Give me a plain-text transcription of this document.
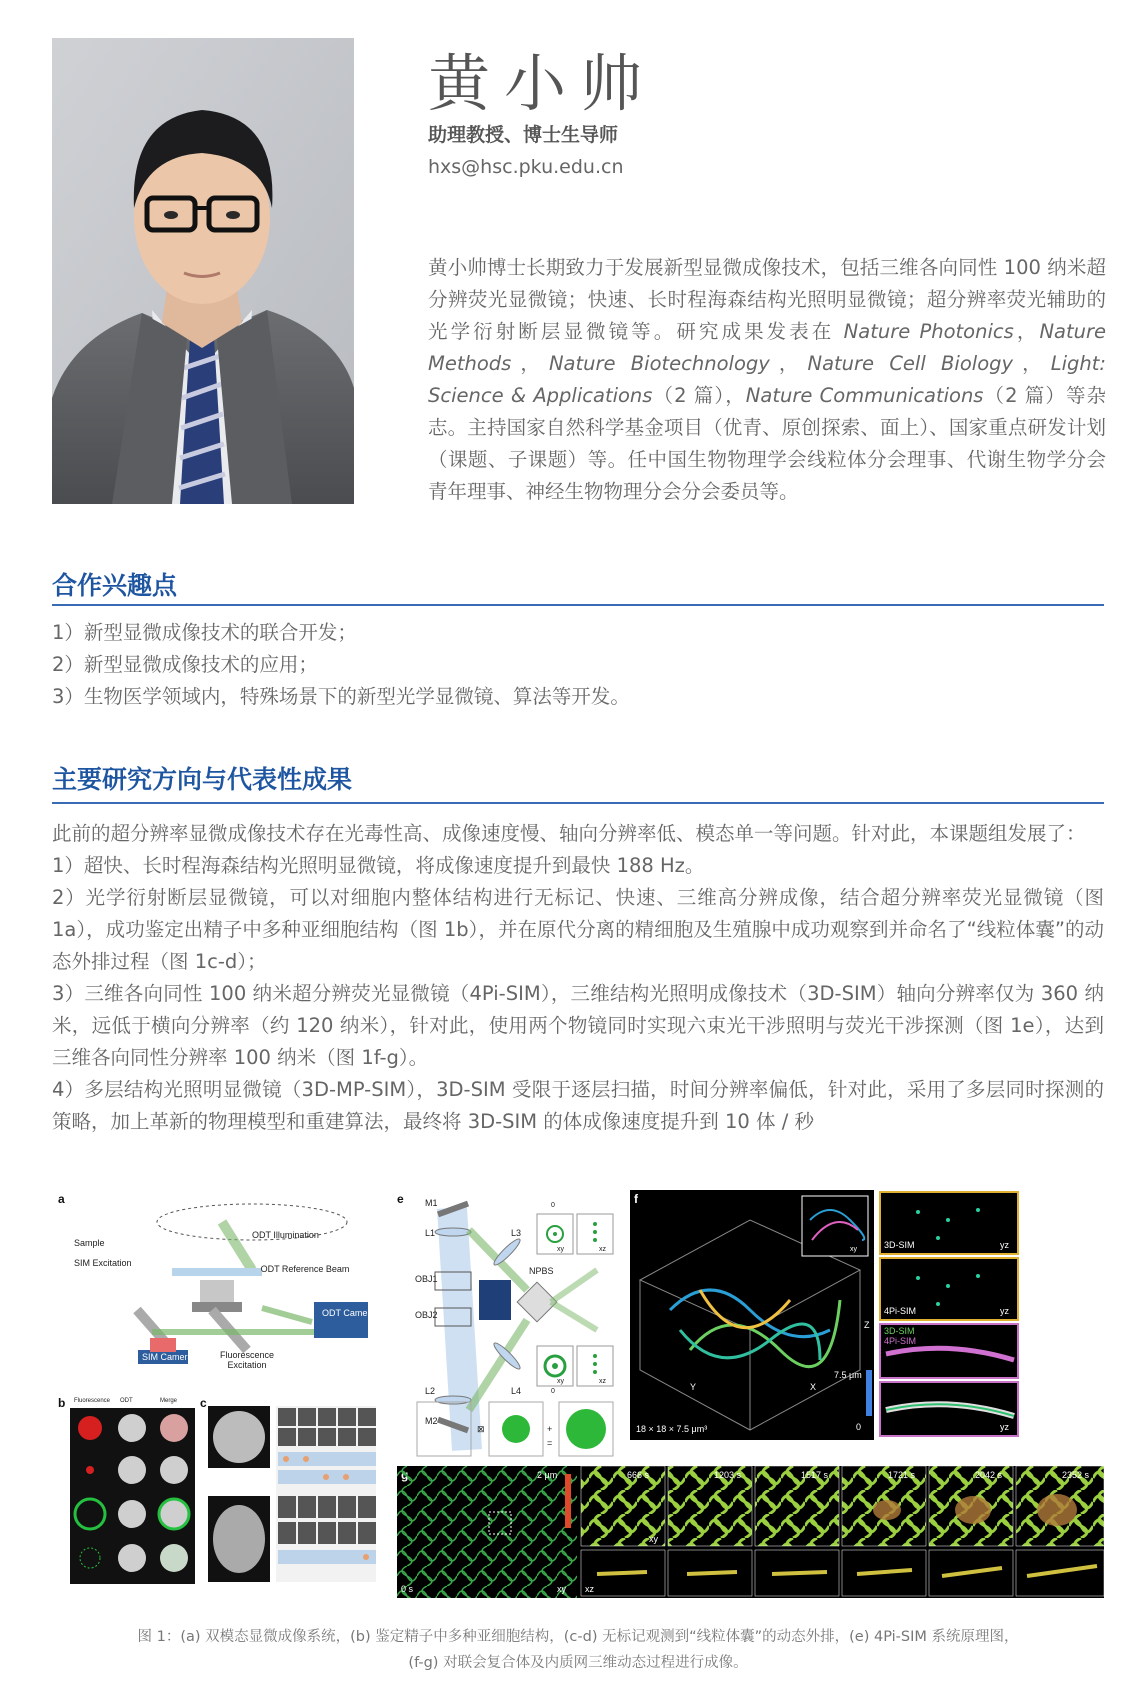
黄小帅
助理教授、博士生导师
hxs@hsc.pku.edu.cn
黄小帅博士长期致力于发展新型显微成像技术，包括三维各向同性 100 纳米超分辨荧光显微镜；快速、长时程海森结构光照明显微镜；超分辨率荧光辅助的光学衍射断层显微镜等。研究成果发表在 Nature Photonics，Nature Methods，Nature Biotechnology，Nature Cell Biology，Light: Science & Applications（2 篇），Nature Communications（2 篇）等杂志。主持国家自然科学基金项目（优青、原创探索、面上）、国家重点研发计划（课题、子课题）等。任中国生物物理学会线粒体分会理事、代谢生物学分会青年理事、神经生物物理分会分会委员等。
合作兴趣点
1）新型显微成像技术的联合开发；
2）新型显微成像技术的应用；
3）生物医学领域内，特殊场景下的新型光学显微镜、算法等开发。
主要研究方向与代表性成果
此前的超分辨率显微成像技术存在光毒性高、成像速度慢、轴向分辨率低、模态单一等问题。针对此，本课题组发展了：
1）超快、长时程海森结构光照明显微镜，将成像速度提升到最快 188 Hz。
2）光学衍射断层显微镜，可以对细胞内整体结构进行无标记、快速、三维高分辨成像，结合超分辨率荧光显微镜（图 1a），成功鉴定出精子中多种亚细胞结构（图 1b），并在原代分离的精细胞及生殖腺中成功观察到并命名了“线粒体囊”的动态外排过程（图 1c-d）；
3）三维各向同性 100 纳米超分辨荧光显微镜（4Pi-SIM），三维结构光照明成像技术（3D-SIM）轴向分辨率仅为 360 纳米，远低于横向分辨率（约 120 纳米），针对此，使用两个物镜同时实现六束光干涉照明与荧光干涉探测（图 1e），达到三维各向同性分辨率 100 纳米（图 1f-g）。
4）多层结构光照明显微镜（3D-MP-SIM），3D-SIM 受限于逐层扫描，时间分辨率偏低，针对此，采用了多层同时探测的策略，加上革新的物理模型和重建算法，最终将 3D-SIM 的体成像速度提升到 10 体 / 秒
a
ODT Illumination
Sample
SIM Excitation
ODT Reference Beam
ODT Camera
SIM Camera	Fluorescence Excitation
b Fluorescence ODT	Merge c
e M1
L1	L3
OBJ1
OBJ2
L2	L4
M2
NPBS
xy	xz
xy	xz
0
0
+
⊠
=
f
xy
18 × 18 × 7.5 μm³
7.5 μm
0
Z
Y	X
3D-SIM
4Pi-SIM
3D-SIM
4Pi-SIM
yz
yz
yz
2 μm	666 s	1203 s	1517 s	1721 s	2042 s	2352 s
xy
xz
0 s	xy
图 1：(a) 双模态显微成像系统，(b) 鉴定精子中多种亚细胞结构，(c-d) 无标记观测到“线粒体囊”的动态外排，(e) 4Pi-SIM 系统原理图，
(f-g) 对联会复合体及内质网三维动态过程进行成像。
